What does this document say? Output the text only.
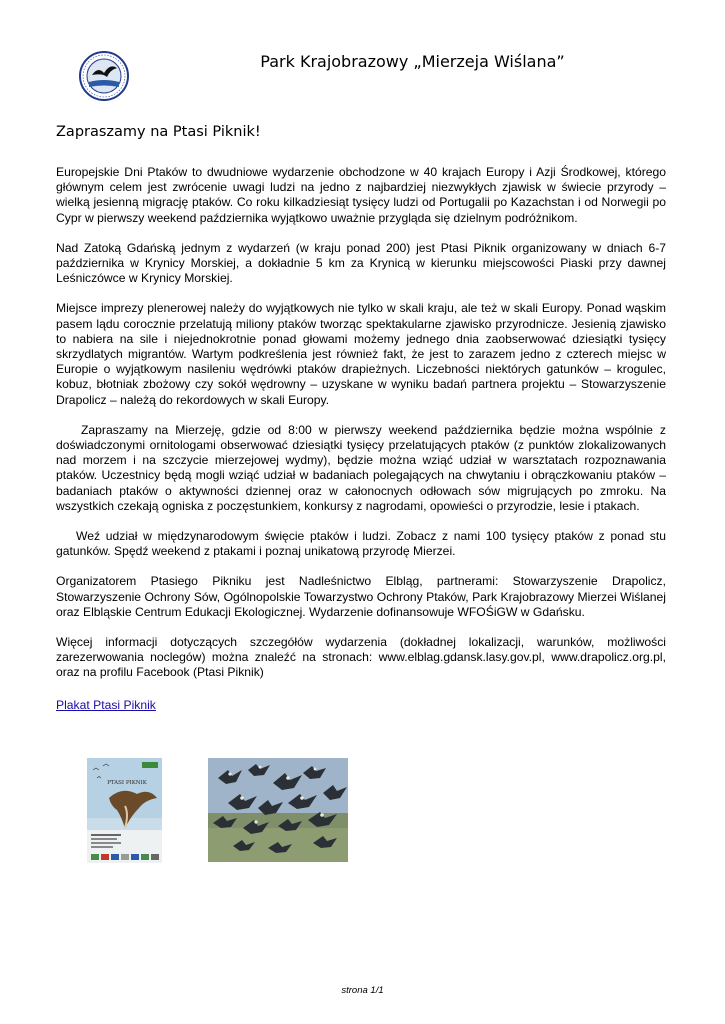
Park Krajobrazowy „Mierzeja Wiślana”
Zapraszamy na Ptasi Piknik!

Europejskie Dni Ptaków to dwudniowe wydarzenie obchodzone w 40 krajach Europy i Azji Środkowej, którego głównym celem jest zwrócenie uwagi ludzi na jedno z najbardziej niezwykłych zjawisk w świecie przyrody – wielką jesienną migrację ptaków. Co roku kilkadziesiąt tysięcy ludzi od Portugalii po Kazachstan i od Norwegii po Cypr w pierwszy weekend października wyjątkowo uważnie przygląda się dzielnym podróżnikom.

Nad Zatoką Gdańską jednym z wydarzeń (w kraju ponad 200) jest Ptasi Piknik organizowany w dniach 6-7 października w Krynicy Morskiej, a dokładnie 5 km za Krynicą w kierunku miejscowości Piaski przy dawnej Leśniczówce w Krynicy Morskiej.

Miejsce imprezy plenerowej należy do wyjątkowych nie tylko w skali kraju, ale też w skali Europy. Ponad wąskim pasem lądu corocznie przelatują miliony ptaków tworząc spektakularne zjawisko przyrodnicze. Jesienią zjawisko to nabiera na sile i niejednokrotnie ponad głowami możemy jednego dnia zaobserwować dziesiątki tysięcy skrzydlatych migrantów. Wartym podkreślenia jest również fakt, że jest to zarazem jedno z czterech miejsc w Europie o wyjątkowym nasileniu wędrówki ptaków drapieżnych. Liczebności niektórych gatunków – krogulec, kobuz, błotniak zbożowy czy sokół wędrowny – uzyskane w wyniku badań partnera projektu – Stowarzyszenie Drapolicz – należą do rekordowych w skali Europy.

Zapraszamy na Mierzeję, gdzie od 8:00 w pierwszy weekend października będzie można wspólnie z doświadczonymi ornitologami obserwować dziesiątki tysięcy przelatujących ptaków (z punktów zlokalizowanych nad morzem i na szczycie mierzejowej wydmy), będzie można wziąć udział w warsztatach rozpoznawania ptaków. Uczestnicy będą mogli wziąć udział w badaniach polegających na chwytaniu i obrączkowaniu ptaków – badaniach ptaków o aktywności dziennej oraz w całonocnych odłowach sów migrujących po zmroku. Na wszystkich czekają ogniska z poczęstunkiem, konkursy z nagrodami, opowieści o przyrodzie, lesie i ptakach.

Weź udział w międzynarodowym święcie ptaków i ludzi. Zobacz z nami 100 tysięcy ptaków z ponad stu gatunków. Spędź weekend z ptakami i poznaj unikatową przyrodę Mierzei.

Organizatorem Ptasiego Pikniku jest Nadleśnictwo Elbląg, partnerami: Stowarzyszenie Drapolicz, Stowarzyszenie Ochrony Sów, Ogólnopolskie Towarzystwo Ochrony Ptaków, Park Krajobrazowy Mierzei Wiślanej oraz Elbląskie Centrum Edukacji Ekologicznej. Wydarzenie dofinansowuje WFOŚiGW w Gdańsku.

Więcej informacji dotyczących szczegółów wydarzenia (dokładnej lokalizacji, warunków, możliwości zarezerwowania noclegów) można znaleźć na stronach: www.elblag.gdansk.lasy.gov.pl, www.drapolicz.org.pl, oraz na profilu Facebook (Ptasi Piknik)

Plakat Ptasi Piknik
PTASI PIKNIK
strona 1/1
